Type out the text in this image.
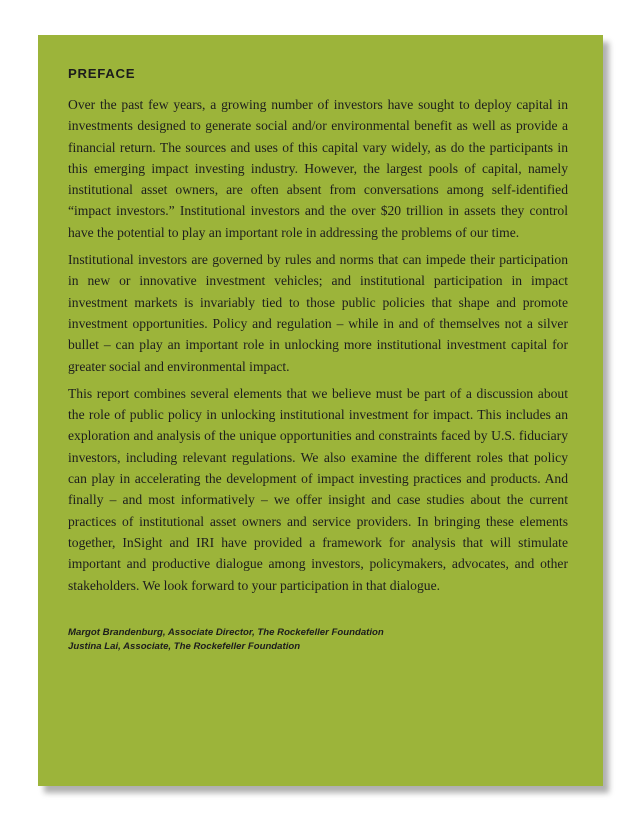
PREFACE

Over the past few years, a growing number of investors have sought to deploy capital in investments designed to generate social and/or environmental benefit as well as provide a financial return. The sources and uses of this capital vary widely, as do the participants in this emerging impact investing industry. However, the largest pools of capital, namely institutional asset owners, are often absent from conversations among self-identified “impact investors.” Institutional investors and the over $20 trillion in assets they control have the potential to play an important role in addressing the problems of our time.

Institutional investors are governed by rules and norms that can impede their participation in new or innovative investment vehicles; and institutional participation in impact investment markets is invariably tied to those public policies that shape and promote investment opportunities. Policy and regulation – while in and of themselves not a silver bullet – can play an important role in unlocking more institutional investment capital for greater social and environmental impact.

This report combines several elements that we believe must be part of a discussion about the role of public policy in unlocking institutional investment for impact. This includes an exploration and analysis of the unique opportunities and constraints faced by U.S. fiduciary investors, including relevant regulations. We also examine the different roles that policy can play in accelerating the development of impact investing practices and products. And finally – and most informatively – we offer insight and case studies about the current practices of institutional asset owners and service providers. In bringing these elements together, InSight and IRI have provided a framework for analysis that will stimulate important and productive dialogue among investors, policymakers, advocates, and other stakeholders. We look forward to your participation in that dialogue.

Margot Brandenburg, Associate Director, The Rockefeller Foundation

Justina Lai, Associate, The Rockefeller Foundation
